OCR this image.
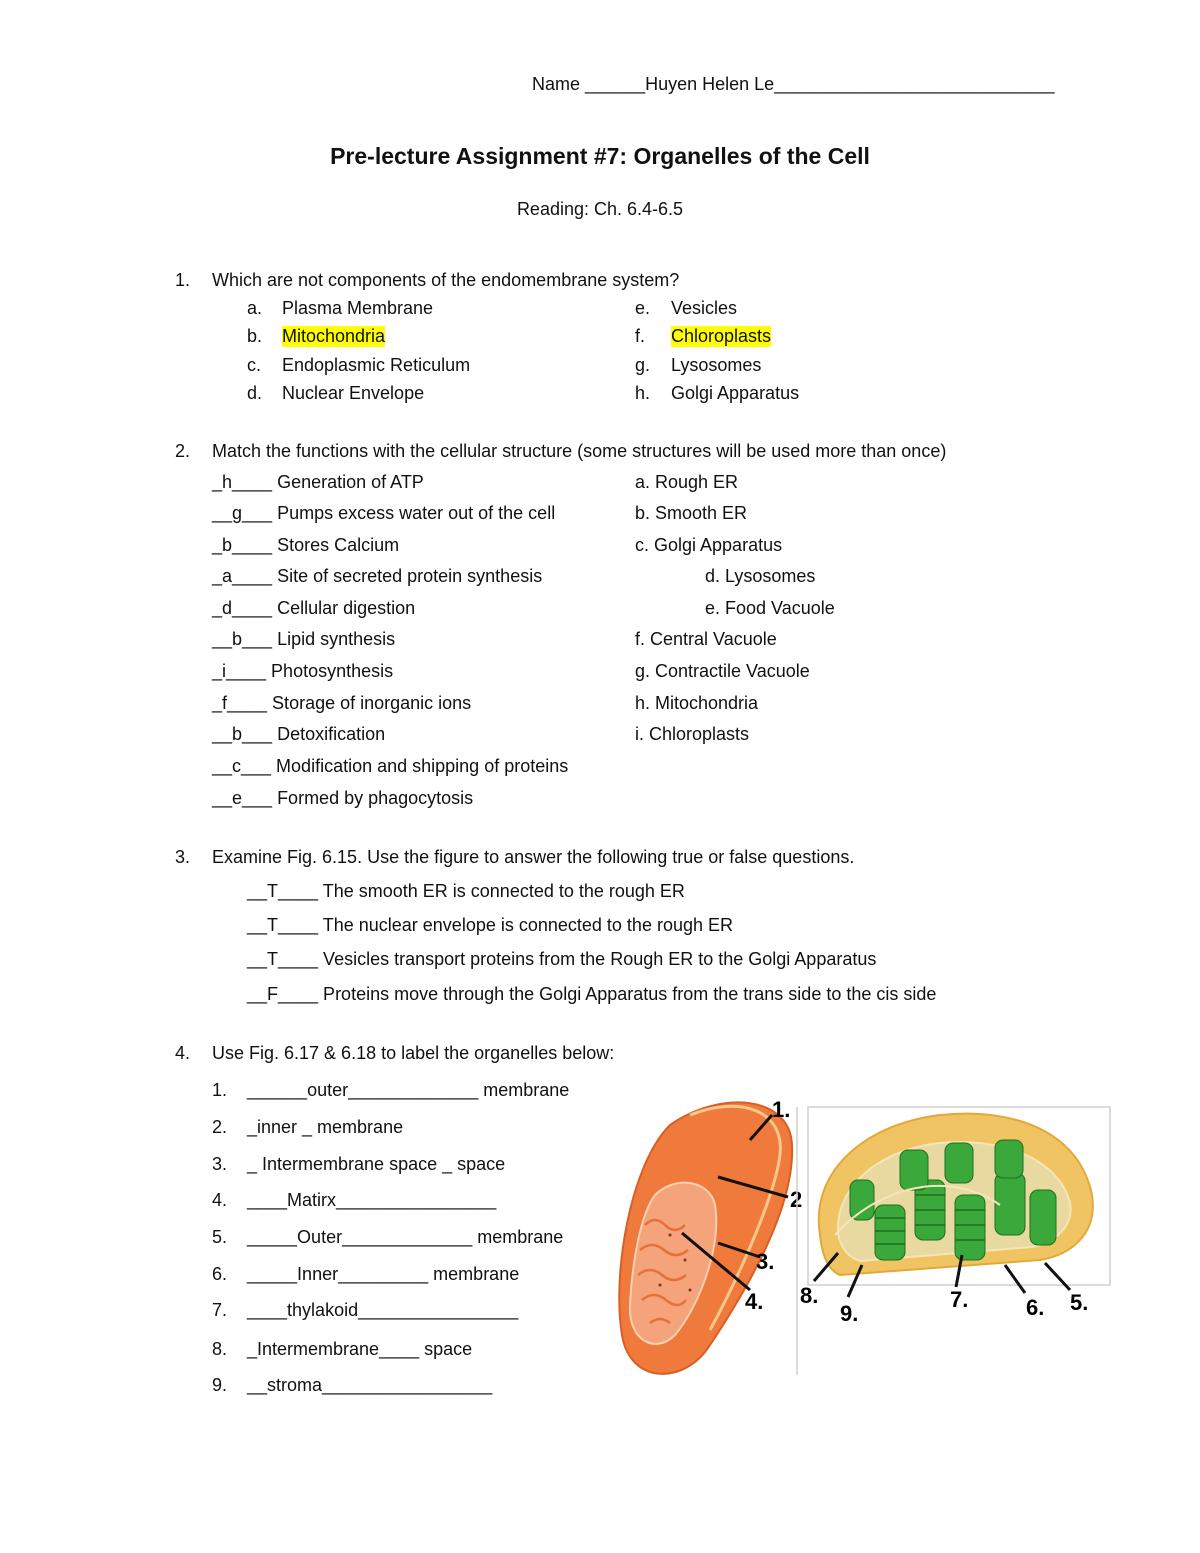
Name ______Huyen Helen Le____________________________
Pre-lecture Assignment #7: Organelles of the Cell
Reading: Ch. 6.4-6.5
1. Which are not components of the endomembrane system?
a. Plasma Membrane
b. Mitochondria
c. Endoplasmic Reticulum
d. Nuclear Envelope
e. Vesicles
f. Chloroplasts
g. Lysosomes
h. Golgi Apparatus
2. Match the functions with the cellular structure (some structures will be used more than once)
_h____ Generation of ATP
__g___ Pumps excess water out of the cell
_b____ Stores Calcium
_a____ Site of secreted protein synthesis
_d____ Cellular digestion
__b___ Lipid synthesis
_i____ Photosynthesis
_f____ Storage of inorganic ions
__b___ Detoxification
__c___ Modification and shipping of proteins
__e___ Formed by phagocytosis
a. Rough ER
b. Smooth ER
c. Golgi Apparatus
d. Lysosomes
e. Food Vacuole
f. Central Vacuole
g. Contractile Vacuole
h. Mitochondria
i. Chloroplasts
3. Examine Fig. 6.15. Use the figure to answer the following true or false questions.
__T____ The smooth ER is connected to the rough ER
__T____ The nuclear envelope is connected to the rough ER
__T____ Vesicles transport proteins from the Rough ER to the Golgi Apparatus
__F____ Proteins move through the Golgi Apparatus from the trans side to the cis side
4. Use Fig. 6.17 & 6.18 to label the organelles below:
1. ______outer_____________ membrane
2. _inner _ membrane
3. _ Intermembrane space _ space
4. ____Matirx________________
5. _____Outer_____________ membrane
6. _____Inner_________ membrane
7. ____thylakoid________________
8. _Intermembrane____ space
9. __stroma_________________
1.
2
3.
4. 8.
9.
7.	6. 5.
